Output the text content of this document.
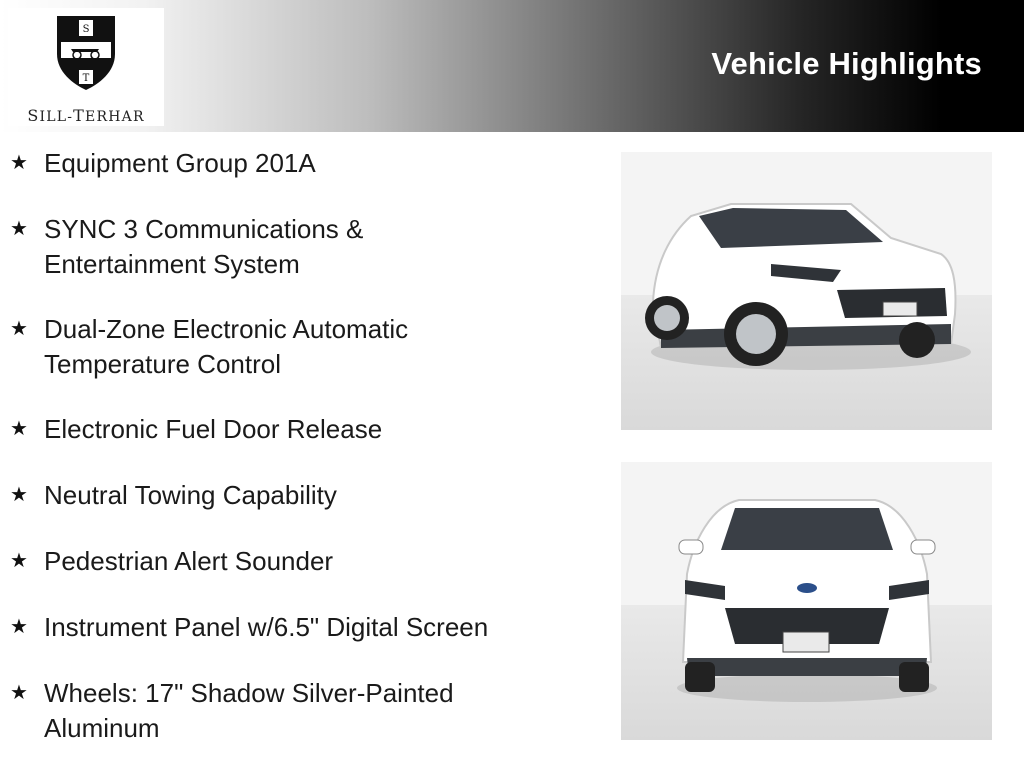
S
T
SILL-TERHAR
Vehicle Highlights
★ Equipment Group 201A
★ SYNC 3 Communications &
Entertainment System
★ Dual-Zone Electronic Automatic
Temperature Control
★ Electronic Fuel Door Release
★ Neutral Towing Capability
★ Pedestrian Alert Sounder
★ Instrument Panel w/6.5" Digital Screen
★ Wheels: 17" Shadow Silver-Painted
Aluminum
